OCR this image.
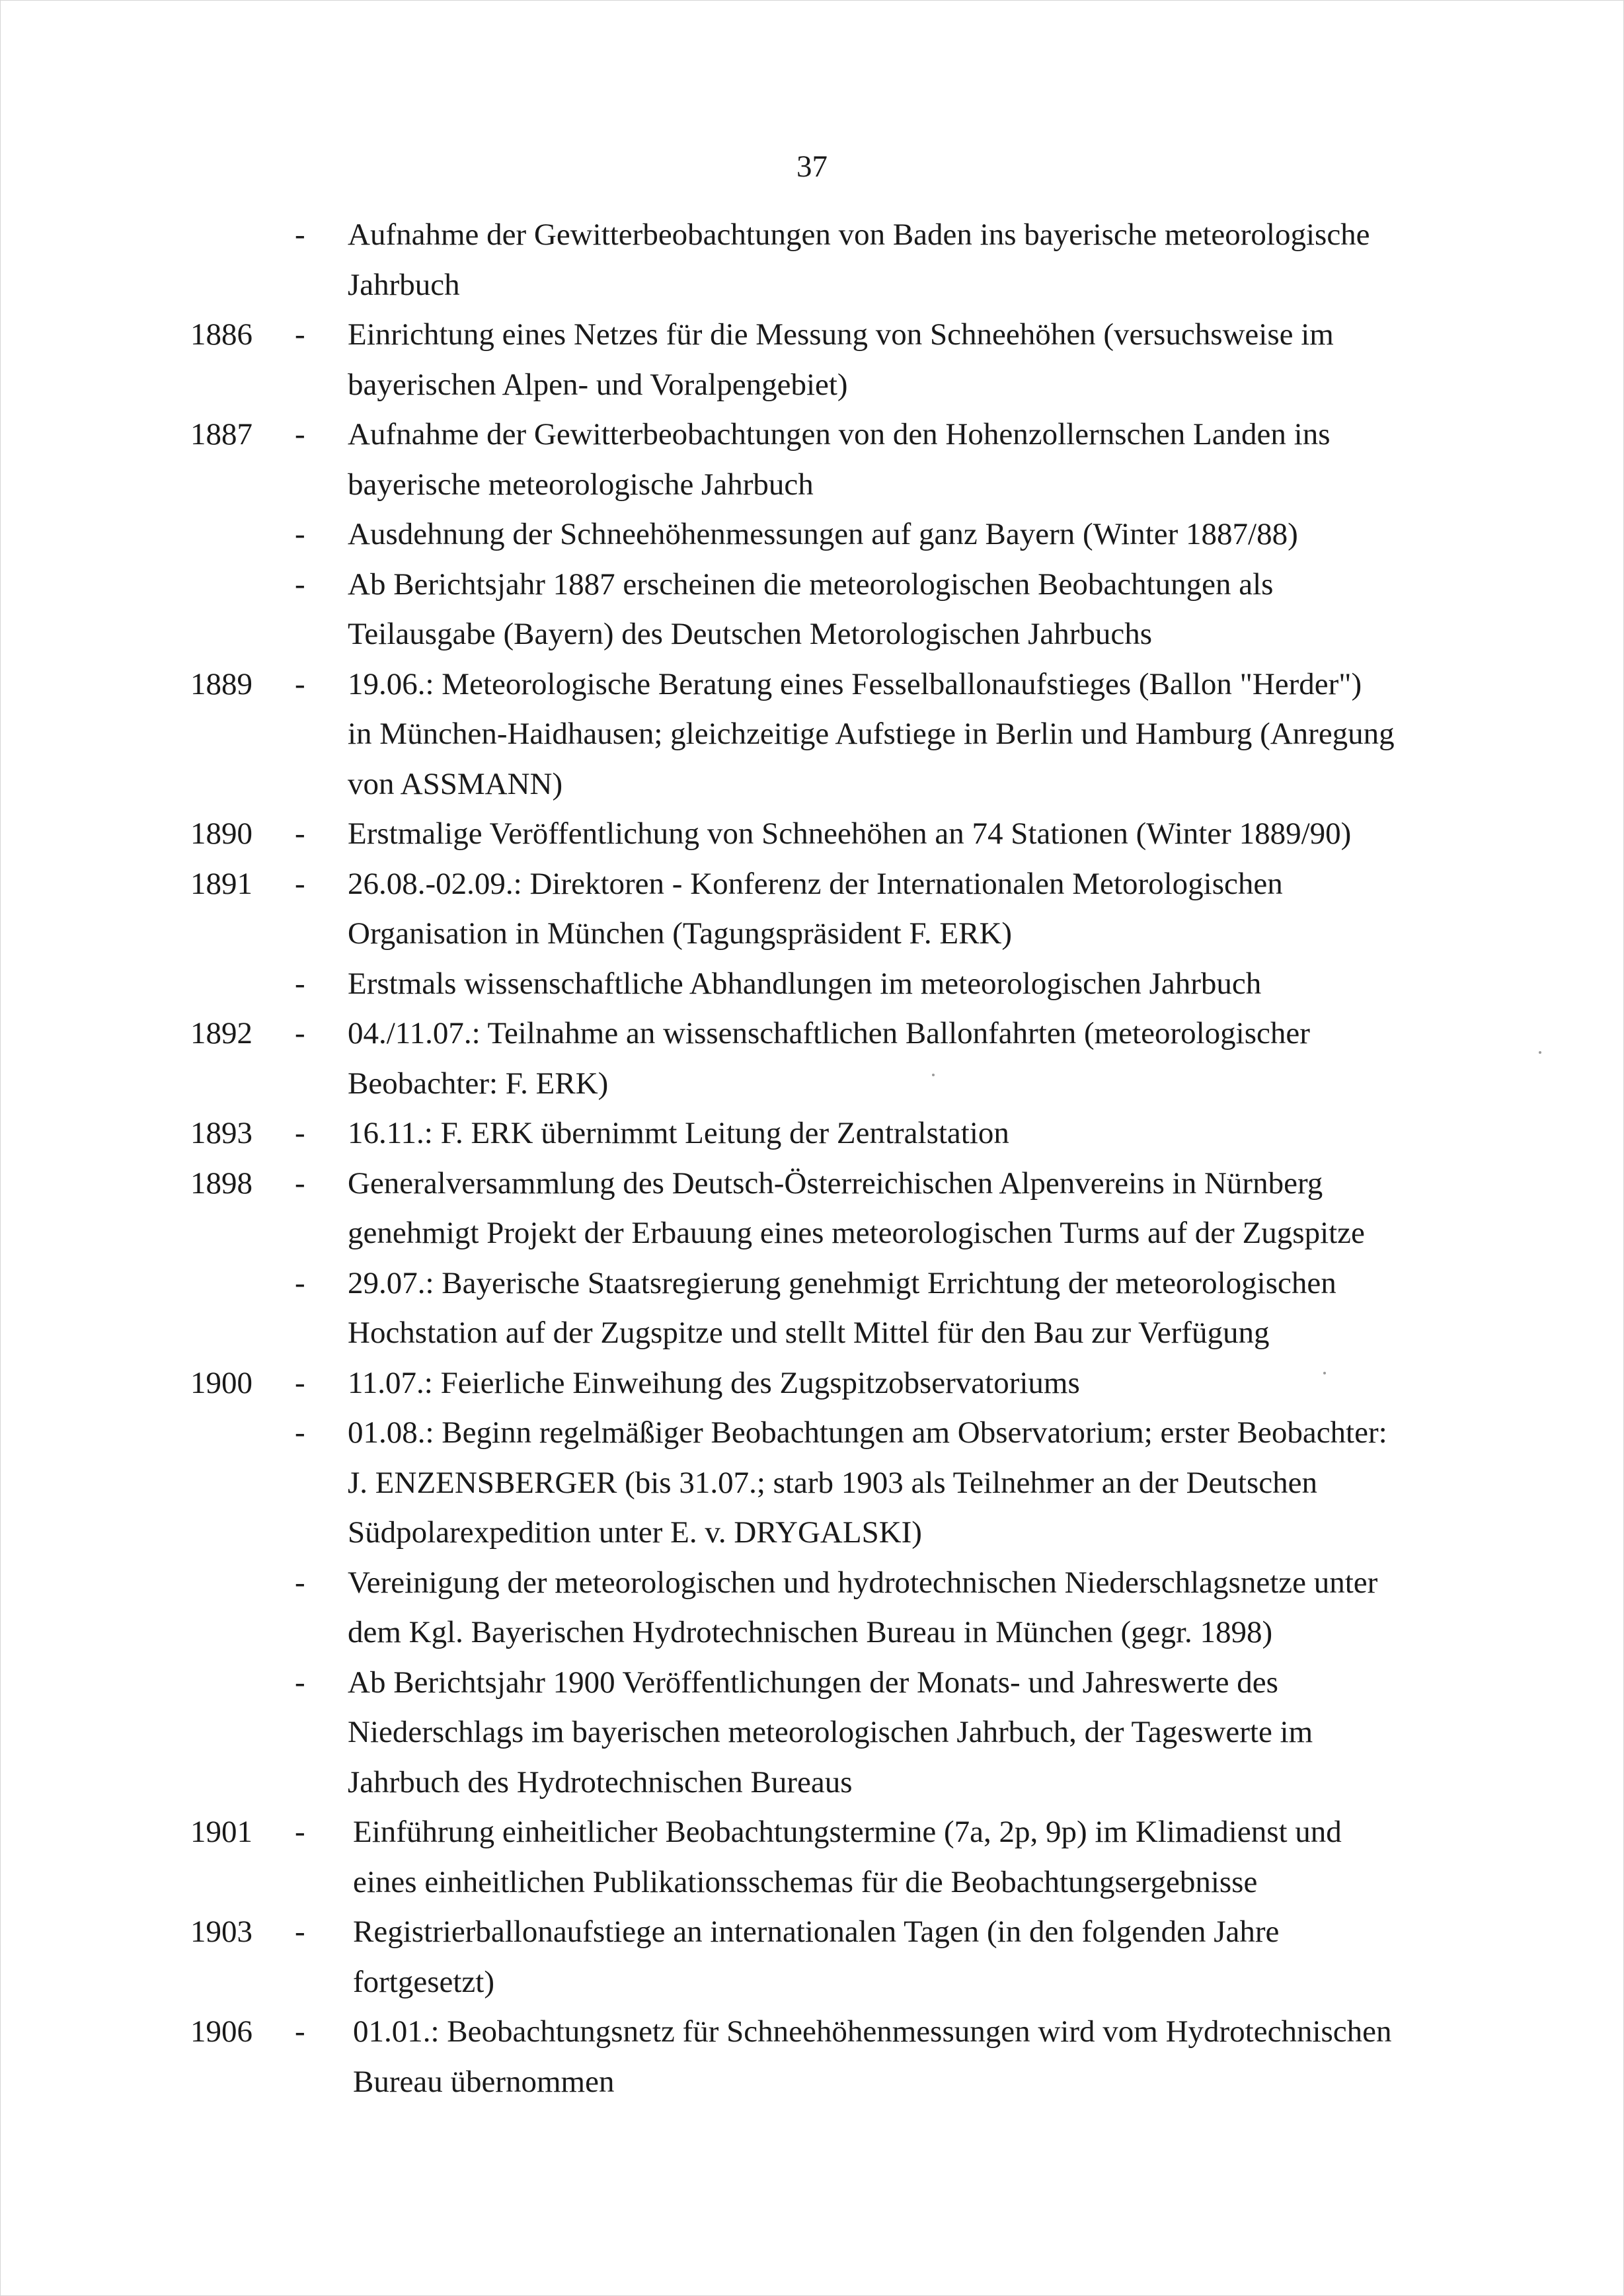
37
-	Aufnahme der Gewitterbeobachtungen von Baden ins bayerische meteorologische
Jahrbuch
1886	-	Einrichtung eines Netzes für die Messung von Schneehöhen (versuchsweise im
bayerischen Alpen- und Voralpengebiet)
1887	-	Aufnahme der Gewitterbeobachtungen von den Hohenzollernschen Landen ins
bayerische meteorologische Jahrbuch
-	Ausdehnung der Schneehöhenmessungen auf ganz Bayern (Winter 1887/88)
-	Ab Berichtsjahr 1887 erscheinen die meteorologischen Beobachtungen als
Teilausgabe (Bayern) des Deutschen Metorologischen Jahrbuchs
1889	-	19.06.: Meteorologische Beratung eines Fesselballonaufstieges (Ballon "Herder")
in München-Haidhausen; gleichzeitige Aufstiege in Berlin und Hamburg (Anregung
von ASSMANN)
1890	-	Erstmalige Veröffentlichung von Schneehöhen an 74 Stationen (Winter 1889/90)
1891	-	26.08.-02.09.: Direktoren - Konferenz der Internationalen Metorologischen
Organisation in München (Tagungspräsident F. ERK)
-	Erstmals wissenschaftliche Abhandlungen im meteorologischen Jahrbuch
1892	-	04./11.07.: Teilnahme an wissenschaftlichen Ballonfahrten (meteorologischer
Beobachter: F. ERK)
1893	-	16.11.: F. ERK übernimmt Leitung der Zentralstation
1898	-	Generalversammlung des Deutsch-Österreichischen Alpenvereins in Nürnberg
genehmigt Projekt der Erbauung eines meteorologischen Turms auf der Zugspitze
-	29.07.: Bayerische Staatsregierung genehmigt Errichtung der meteorologischen
Hochstation auf der Zugspitze und stellt Mittel für den Bau zur Verfügung
1900	-	11.07.: Feierliche Einweihung des Zugspitzobservatoriums
-	01.08.: Beginn regelmäßiger Beobachtungen am Observatorium; erster Beobachter:
J. ENZENSBERGER (bis 31.07.; starb 1903 als Teilnehmer an der Deutschen
Südpolarexpedition unter E. v. DRYGALSKI)
-	Vereinigung der meteorologischen und hydrotechnischen Niederschlagsnetze unter
dem Kgl. Bayerischen Hydrotechnischen Bureau in München (gegr. 1898)
-	Ab Berichtsjahr 1900 Veröffentlichungen der Monats- und Jahreswerte des
Niederschlags im bayerischen meteorologischen Jahrbuch, der Tageswerte im
Jahrbuch des Hydrotechnischen Bureaus
1901	-	Einführung einheitlicher Beobachtungstermine (7a, 2p, 9p) im Klimadienst und
eines einheitlichen Publikationsschemas für die Beobachtungsergebnisse
1903	-	Registrierballonaufstiege an internationalen Tagen (in den folgenden Jahre
fortgesetzt)
1906	-	01.01.: Beobachtungsnetz für Schneehöhenmessungen wird vom Hydrotechnischen
Bureau übernommen
